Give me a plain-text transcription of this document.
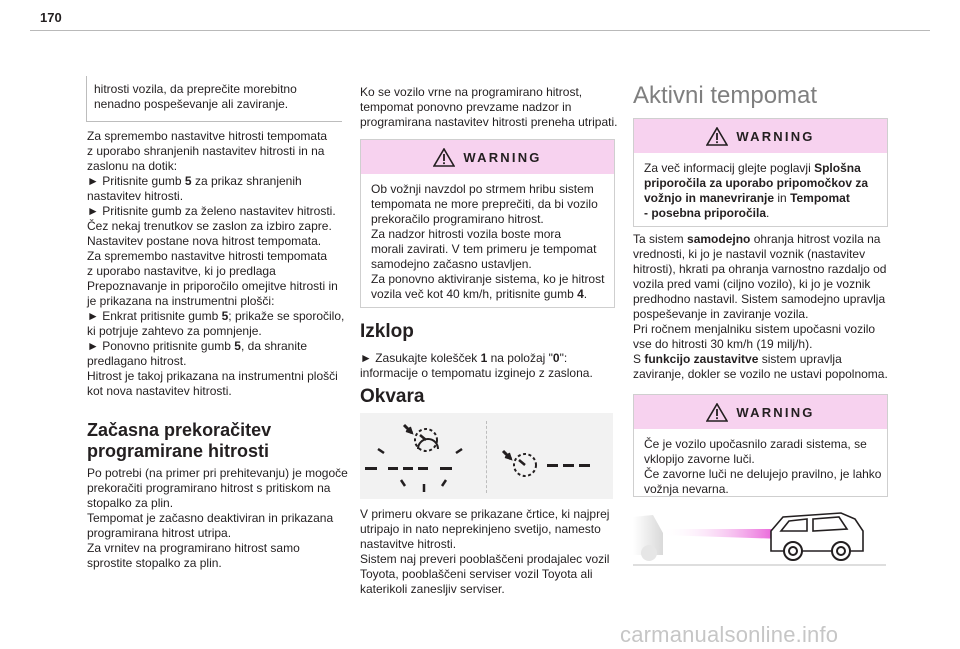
170
hitrosti vozila, da preprečite morebitno
nenadno pospeševanje ali zaviranje.
Za spremembo nastavitve hitrosti tempomata
z uporabo shranjenih nastavitev hitrosti in na
zaslonu na dotik:
► Pritisnite gumb 5 za prikaz shranjenih
nastavitev hitrosti.
► Pritisnite gumb za želeno nastavitev hitrosti.
Čez nekaj trenutkov se zaslon za izbiro zapre.
Nastavitev postane nova hitrost tempomata.
Za spremembo nastavitve hitrosti tempomata
z uporabo nastavitve, ki jo predlaga
Prepoznavanje in priporočilo omejitve hitrosti in
je prikazana na instrumentni plošči:
► Enkrat pritisnite gumb 5; prikaže se sporočilo,
ki potrjuje zahtevo za pomnjenje.
► Ponovno pritisnite gumb 5, da shranite
predlagano hitrost.
Hitrost je takoj prikazana na instrumentni plošči
kot nova nastavitev hitrosti.
Začasna prekoračitev
programirane hitrosti
Po potrebi (na primer pri prehitevanju) je mogoče
prekoračiti programirano hitrost s pritiskom na
stopalko za plin.
Tempomat je začasno deaktiviran in prikazana
programirana hitrost utripa.
Za vrnitev na programirano hitrost samo
sprostite stopalko za plin.
Ko se vozilo vrne na programirano hitrost,
tempomat ponovno prevzame nadzor in
programirana nastavitev hitrosti preneha utripati.
WARNING
Ob vožnji navzdol po strmem hribu sistem
tempomata ne more preprečiti, da bi vozilo
prekoračilo programirano hitrost.
Za nadzor hitrosti vozila boste mora
morali zavirati. V tem primeru je tempomat
samodejno začasno ustavljen.
Za ponovno aktiviranje sistema, ko je hitrost
vozila več kot 40 km/h, pritisnite gumb 4.
Izklop
► Zasukajte kolešček 1 na položaj "0":
informacije o tempomatu izginejo z zaslona.
Okvara
V primeru okvare se prikazane črtice, ki najprej
utripajo in nato neprekinjeno svetijo, namesto
nastavitve hitrosti.
Sistem naj preveri pooblaščeni prodajalec vozil
Toyota, pooblaščeni serviser vozil Toyota ali
katerikoli zanesljiv serviser.
Aktivni tempomat
WARNING
Za več informacij glejte poglavji Splošna
priporočila za uporabo pripomočkov za
vožnjo in manevriranje in Tempomat
- posebna priporočila.
Ta sistem samodejno ohranja hitrost vozila na
vrednosti, ki jo je nastavil voznik (nastavitev
hitrosti), hkrati pa ohranja varnostno razdaljo od
vozila pred vami (ciljno vozilo), ki jo je voznik
predhodno nastavil. Sistem samodejno upravlja
pospeševanje in zaviranje vozila.
Pri ročnem menjalniku sistem upočasni vozilo
vse do hitrosti 30 km/h (19 milj/h).
S funkcijo zaustavitve sistem upravlja
zaviranje, dokler se vozilo ne ustavi popolnoma.
WARNING
Če je vozilo upočasnilo zaradi sistema, se
vklopijo zavorne luči.
Če zavorne luči ne delujejo pravilno, je lahko
vožnja nevarna.
carmanualsonline.info
